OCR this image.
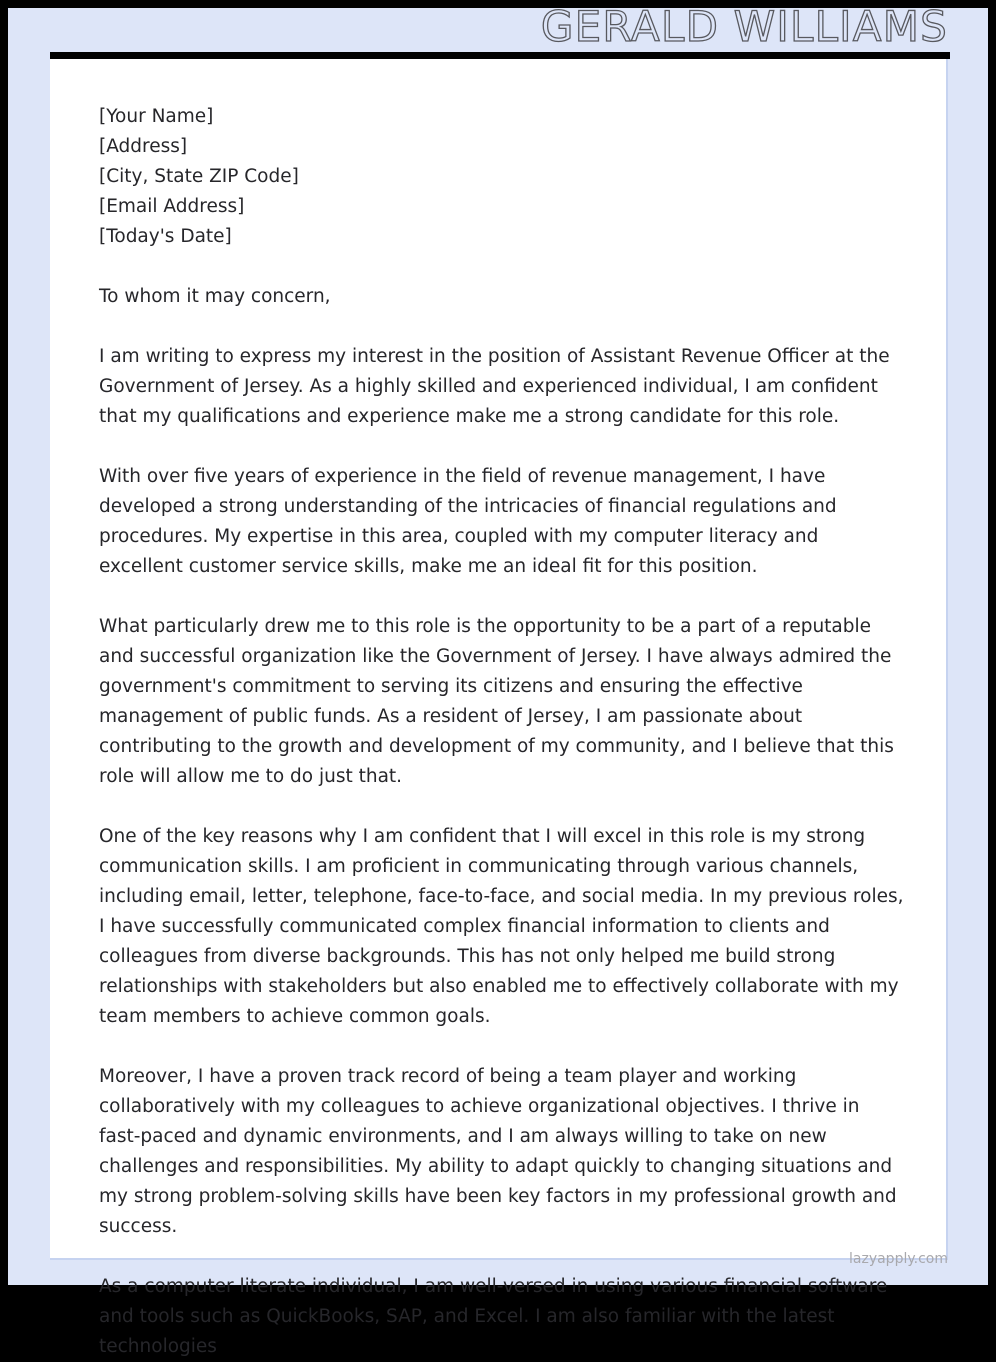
GERALD WILLIAMS
[Your Name]
[Address]
[City, State ZIP Code]
[Email Address]
[Today's Date]
To whom it may concern,

I am writing to express my interest in the position of Assistant Revenue Officer at the Government of Jersey. As a highly skilled and experienced individual, I am confident that my qualifications and experience make me a strong candidate for this role.

With over five years of experience in the field of revenue management, I have developed a strong understanding of the intricacies of financial regulations and procedures. My expertise in this area, coupled with my computer literacy and excellent customer service skills, make me an ideal fit for this position.

What particularly drew me to this role is the opportunity to be a part of a reputable and successful organization like the Government of Jersey. I have always admired the government's commitment to serving its citizens and ensuring the effective management of public funds. As a resident of Jersey, I am passionate about contributing to the growth and development of my community, and I believe that this role will allow me to do just that.

One of the key reasons why I am confident that I will excel in this role is my strong communication skills. I am proficient in communicating through various channels, including email, letter, telephone, face-to-face, and social media. In my previous roles, I have successfully communicated complex financial information to clients and colleagues from diverse backgrounds. This has not only helped me build strong relationships with stakeholders but also enabled me to effectively collaborate with my team members to achieve common goals.

Moreover, I have a proven track record of being a team player and working collaboratively with my colleagues to achieve organizational objectives. I thrive in fast-paced and dynamic environments, and I am always willing to take on new challenges and responsibilities. My ability to adapt quickly to changing situations and my strong problem-solving skills have been key factors in my professional growth and success.

As a computer literate individual, I am well-versed in using various financial software and tools such as QuickBooks, SAP, and Excel. I am also familiar with the latest technologies

lazyapply.com
